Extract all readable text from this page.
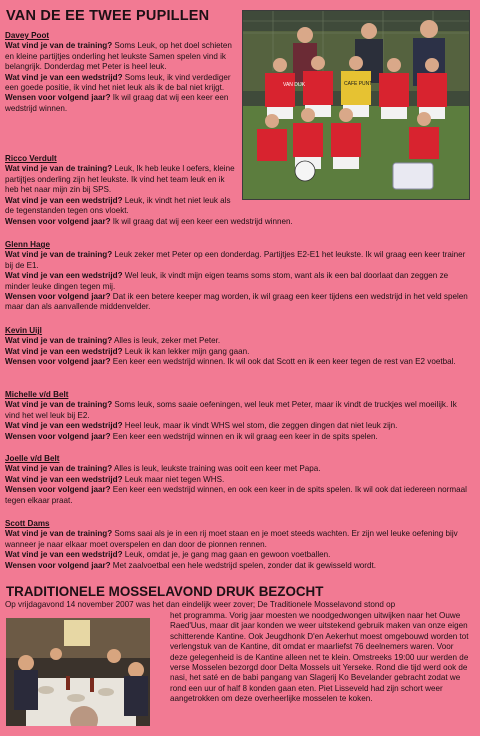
VAN DE EE TWEE PUPILLEN
VAN DIJK	CAFE PUNT
Davey Poot
Wat vind je van de training? Soms Leuk, op het doel schieten en kleine partijtjes onderling het leukste Samen spelen vind ik belangrijk. Donderdag met Peter is heel leuk.
Wat vind je van een wedstrijd? Soms leuk, ik vind verdediger een goede positie, ik vind het niet leuk als ik de bal niet krijgt.
Wensen voor volgend jaar? Ik wil graag dat wij een keer een wedstrijd winnen.
Ricco Verdult
Wat vind je van de training? Leuk, Ik heb leuke l oefers, kleine partijtjes onderling zijn het leukste. Ik vind het team leuk en ik heb het naar mijn zin bij SPS.
Wat vind je van een wedstrijd? Leuk, ik vindt het niet leuk als de tegenstanden tegen ons vloekt.
Wensen voor volgend jaar? Ik wil graag dat wij een keer een wedstrijd winnen.
Glenn Hage
Wat vind je van de training? Leuk zeker met Peter op een donderdag. Partijtjes E2-E1 het leukste. Ik wil graag een keer trainer bij de E1.
Wat vind je van een wedstrijd? Wel leuk, ik vindt mijn eigen teams soms stom, want als ik een bal doorlaat dan zeggen ze minder leuke dingen tegen mij.
Wensen voor volgend jaar? Dat ik een betere keeper mag worden, ik wil graag een keer tijdens een wedstrijd in het veld spelen maar dan als aanvallende middenvelder.
Kevin Uijl
Wat vind je van de training? Alles is leuk, zeker met Peter.
Wat vind je van een wedstrijd? Leuk ik kan lekker mijn gang gaan.
Wensen voor volgend jaar? Een keer een wedstrijd winnen. Ik wil ook dat Scott en ik een keer tegen de rest van E2 voetbal.
Michelle v/d Belt
Wat vind je van de training? Soms leuk, soms saaie oefeningen, wel leuk met Peter, maar ik vindt de truckjes wel moeilijk. Ik vind het wel leuk bij E2.
Wat vind je van een wedstrijd? Heel leuk, maar ik vindt WHS wel stom, die zeggen dingen dat niet leuk zijn.
Wensen voor volgend jaar? Een keer een wedstrijd winnen en ik wil graag een keer in de spits spelen.
Joelle v/d Belt
Wat vind je van de training? Alles is leuk, leukste training was ooit een keer met Papa.
Wat vind je van een wedstrijd? Leuk maar niet tegen WHS.
Wensen voor volgend jaar? Een keer een wedstrijd winnen, en ook een keer in de spits spelen. Ik wil ook dat iedereen normaal tegen elkaar praat.
Scott Dams
Wat vind je van de training? Soms saai als je in een rij moet staan en je moet steeds wachten. Er zijn wel leuke oefening bijv wanneer je naar elkaar moet overspelen en dan door de pionnen rennen.
Wat vind je van een wedstrijd? Leuk, omdat je, je gang mag gaan en gewoon voetballen.
Wensen voor volgend jaar? Met zaalvoetbal een hele wedstrijd spelen, zonder dat ik gewisseld wordt.
TRADITIONELE MOSSELAVOND DRUK BEZOCHT
Op vrijdagavond 14 november 2007 was het dan eindelijk weer zover; De Traditionele Mosselavond stond op
het programma. Vorig jaar moesten we noodgedwongen uitwijken naar het Ouwe Raed'Uus, maar dit jaar konden we weer uitstekend gebruik maken van onze eigen schitterende Kantine. Ook Jeugdhonk D'en Aekerhut moest omgebouwd worden tot verlengstuk van de Kantine, dit omdat er maarliefst 76 deelnemers waren. Voor deze gelegenheid is de Kantine alleen net te klein. Omstreeks 19:00 uur werden de verse Mosselen bezorgd door Delta Mossels uit Yerseke. Rond die tijd werd ook de nasi, het saté en de babi pangang van Slagerij Ko Bevelander gebracht zodat we rond een uur of half 8 konden gaan eten. Piet Lisseveld had zijn schort weer aangetrokken om deze overheerlijke mosselen te koken.
